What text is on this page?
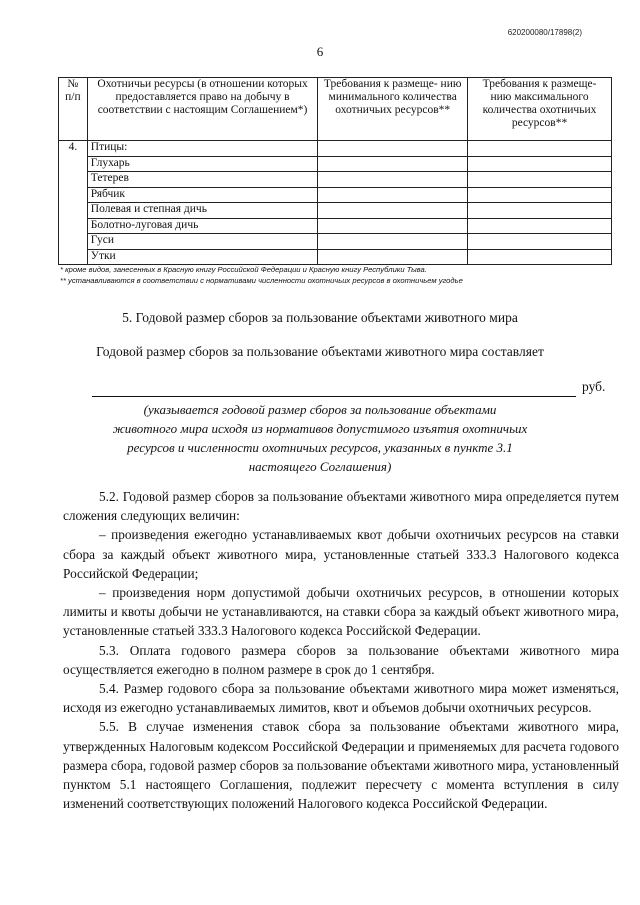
620200080/17898(2)
6
№ п/п	Охотничьи ресурсы (в отношении которых предоставляется право на добычу в соответствии с настоящим Соглашением*)	Требования к размеще- нию минимального количества охотничьих ресурсов**	Требования к размеще- нию максимального количества охотничьих ресурсов**
4.	Птицы:		
	Глухарь		
	Тетерев		
	Рябчик		
	Полевая и степная дичь		
	Болотно-луговая дичь		
	Гуси		
	Утки		
* кроме видов, занесенных в Красную книгу Российской Федерации и Красную книгу Республики Тыва.
** устанавливаются в соответствии с нормативами численности охотничьих ресурсов в охотничьем угодье
5. Годовой размер сборов за пользование объектами животного мира
Годовой размер сборов за пользование объектами животного мира составляет
руб.
(указывается годовой размер сборов за пользование объектами животного мира исходя из нормативов допустимого изъятия охотничьих ресурсов и численности охотничьих ресурсов, указанных в пункте 3.1 настоящего Соглашения)

5.2. Годовой размер сборов за пользование объектами животного мира определяется путем сложения следующих величин:

– произведения ежегодно устанавливаемых квот добычи охотничьих ресурсов на ставки сбора за каждый объект животного мира, установленные статьей 333.3 Налогового кодекса Российской Федерации;

– произведения норм допустимой добычи охотничьих ресурсов, в отношении которых лимиты и квоты добычи не устанавливаются, на ставки сбора за каждый объект животного мира, установленные статьей 333.3 Налогового кодекса Российской Федерации.

5.3. Оплата годового размера сборов за пользование объектами животного мира осуществляется ежегодно в полном размере в срок до 1 сентября.

5.4. Размер годового сбора за пользование объектами животного мира может изменяться, исходя из ежегодно устанавливаемых лимитов, квот и объемов добычи охотничьих ресурсов.

5.5. В случае изменения ставок сбора за пользование объектами животного мира, утвержденных Налоговым кодексом Российской Федерации и применяемых для расчета годового размера сбора, годовой размер сборов за пользование объектами животного мира, установленный пунктом 5.1 настоящего Соглашения, подлежит пересчету с момента вступления в силу изменений соответствующих положений Налогового кодекса Российской Федерации.
